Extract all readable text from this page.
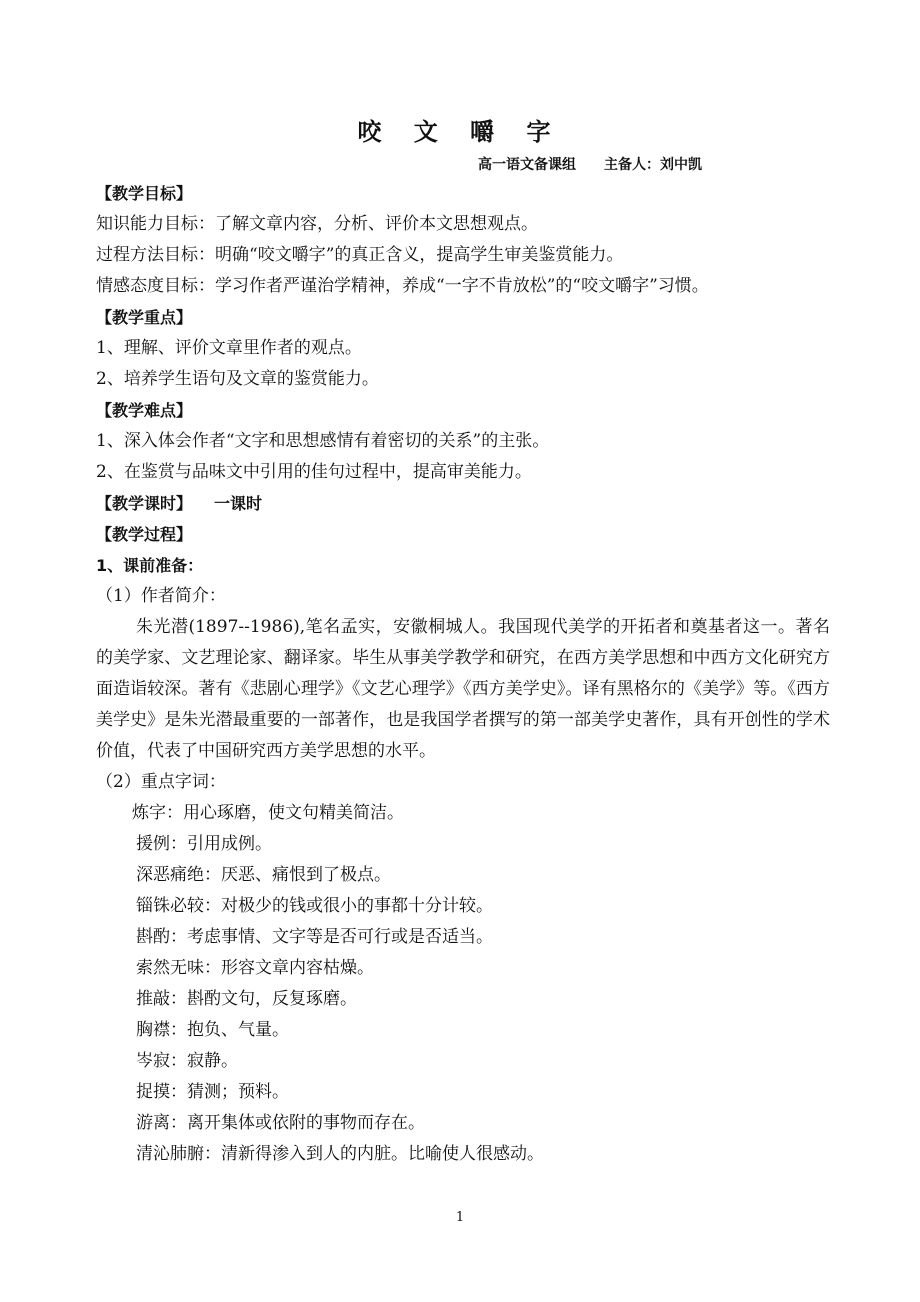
咬 文 嚼 字
高一语文备课组 主备人：刘中凯
【教学目标】
知识能力目标：了解文章内容，分析、评价本文思想观点。
过程方法目标：明确“咬文嚼字”的真正含义，提高学生审美鉴赏能力。
情感态度目标：学习作者严谨治学精神，养成“一字不肯放松”的“咬文嚼字”习惯。
【教学重点】
1、理解、评价文章里作者的观点。
2、培养学生语句及文章的鉴赏能力。
【教学难点】
1、深入体会作者“文字和思想感情有着密切的关系”的主张。
2、在鉴赏与品味文中引用的佳句过程中，提高审美能力。
【教学课时】 一课时
【教学过程】
1、课前准备：
（1）作者简介：
朱光潜(1897--1986),笔名孟实，安徽桐城人。我国现代美学的开拓者和奠基者这一。著名的美学家、文艺理论家、翻译家。毕生从事美学教学和研究，在西方美学思想和中西方文化研究方面造诣较深。著有《悲剧心理学》《文艺心理学》《西方美学史》。译有黑格尔的《美学》等。《西方美学史》是朱光潜最重要的一部著作，也是我国学者撰写的第一部美学史著作，具有开创性的学术价值，代表了中国研究西方美学思想的水平。
（2）重点字词：
炼字：用心琢磨，使文句精美简洁。
援例：引用成例。
深恶痛绝：厌恶、痛恨到了极点。
锱铢必较：对极少的钱或很小的事都十分计较。
斟酌：考虑事情、文字等是否可行或是否适当。
索然无味：形容文章内容枯燥。
推敲：斟酌文句，反复琢磨。
胸襟：抱负、气量。
岑寂：寂静。
捉摸：猜测；预料。
游离：离开集体或依附的事物而存在。
清沁肺腑：清新得渗入到人的内脏。比喻使人很感动。
1
